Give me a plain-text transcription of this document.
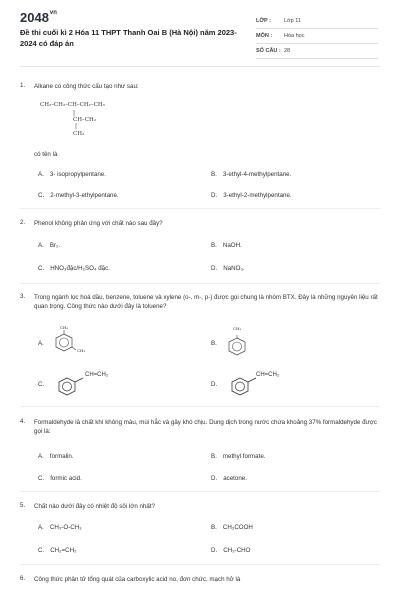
$2048^{vn}$
Đề thi cuối kì 2 Hóa 11 THPT Thanh Oai B (Hà Nội) năm 2023-2024 có đáp án
LỚP : Lớp 11
MÔN : Hóa học
SỐ CÂU : 28
1. Alkane có công thức cấu tạo như sau:
CH₃–CH₂–CH–CH₂–CH₃
|
CH–CH₃
|
CH₃
có tên là
A. 3- isopropylpentane.	B. 3-ethyl-4-methylpentane.
C. 2-methyl-3-ethylpentane.	D. 3-ethyl-2-methylpentane.
2. Phenol không phản ứng với chất nào sau đây?
A. Br₂.	B. NaOH.
C. HNO₃đặc/H₂SO₄ đặc.	D. NaNO₃.
3. Trong ngành lọc hoá dầu, benzene, toluene và xylene (o-, m-, p-) được gọi chung là nhóm BTX. Đây là những nguyên liệu rất quan trọng. Công thức nào dưới đây là toluene?
A.
CH₃
CH₃
B.
CH₃
C.
CH=CH₂
D.
CH=CH₂
4. Formaldehyde là chất khí không màu, mùi hắc và gây khó chịu. Dung dịch trong nước chứa khoảng 37% formaldehyde được gọi là:
A. formalin.	B. methyl formate.
C. formic acid.	D. acetone.
5. Chất nào dưới đây có nhiệt độ sôi lớn nhất?
A. CH₃-O-CH₃	B. CH₃COOH
C. CH₂=CH₂	D. CH₃-CHO
6. Công thức phân tử tổng quát của carboxylic acid no, đơn chức, mạch hở là
